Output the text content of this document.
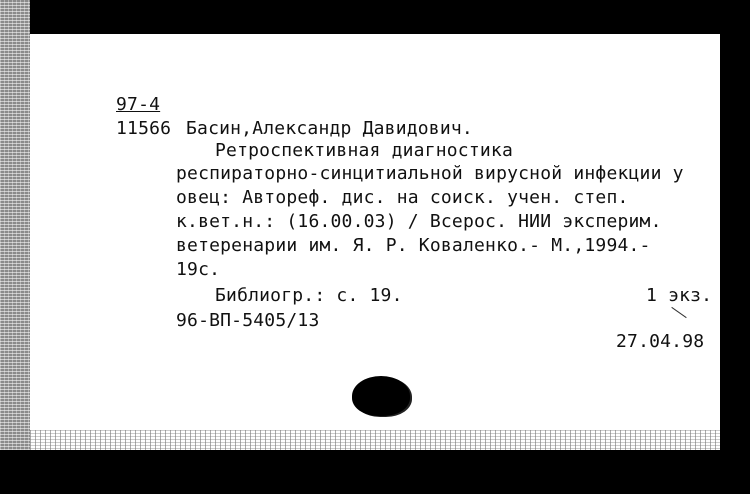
97-4
11566 Басин,Александр Давидович.
Ретроспективная диагностика
респираторно-синцитиальной вирусной инфекции у
овец: Автореф. дис. на соиск. учен. степ.
к.вет.н.: (16.00.03) / Всерос. НИИ эксперим.
ветеренарии им. Я. Р. Коваленко.- М.,1994.-
19с.
Библиогр.: с. 19.	1 экз.
96-ВП-5405/13
27.04.98
